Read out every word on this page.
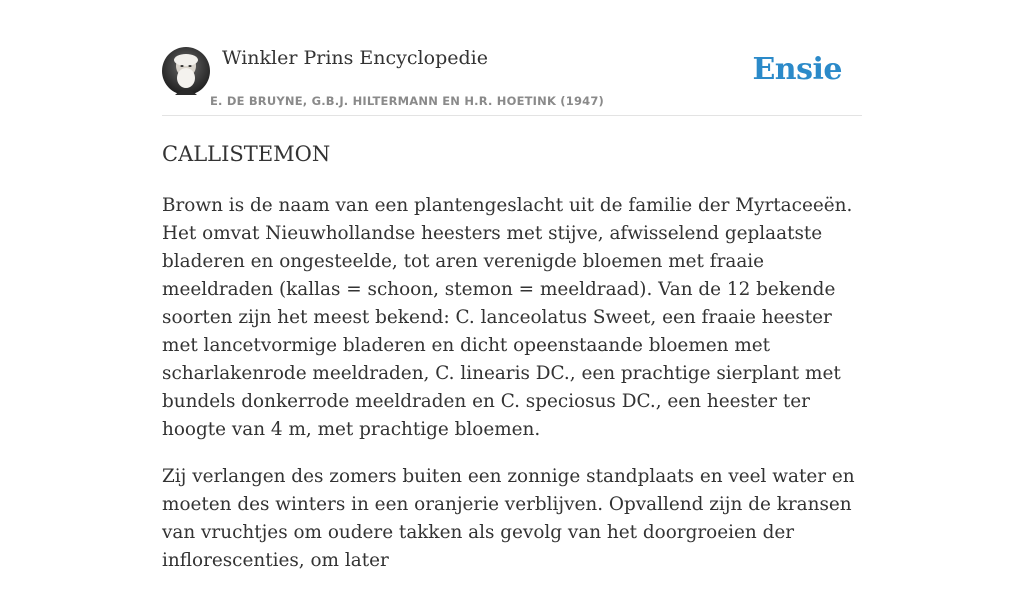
Winkler Prins Encyclopedie
E. DE BRUYNE, G.B.J. HILTERMANN EN H.R. HOETINK (1947)
Ensie
CALLISTEMON

Brown is de naam van een plantengeslacht uit de familie der Myrtaceeën. Het omvat Nieuwhollandse heesters met stijve, afwisselend geplaatste bladeren en ongesteelde, tot aren verenigde bloemen met fraaie meeldraden (kallas = schoon, stemon = meeldraad). Van de 12 bekende soorten zijn het meest bekend: C. lanceolatus Sweet, een fraaie heester met lancetvormige bladeren en dicht opeenstaande bloemen met scharlakenrode meeldraden, C. linearis DC., een prachtige sierplant met bundels donkerrode meeldraden en C. speciosus DC., een heester ter hoogte van 4 m, met prachtige bloemen.

Zij verlangen des zomers buiten een zonnige standplaats en veel water en moeten des winters in een oranjerie verblijven. Opvallend zijn de kransen van vruchtjes om oudere takken als gevolg van het doorgroeien der inflorescenties, om later
